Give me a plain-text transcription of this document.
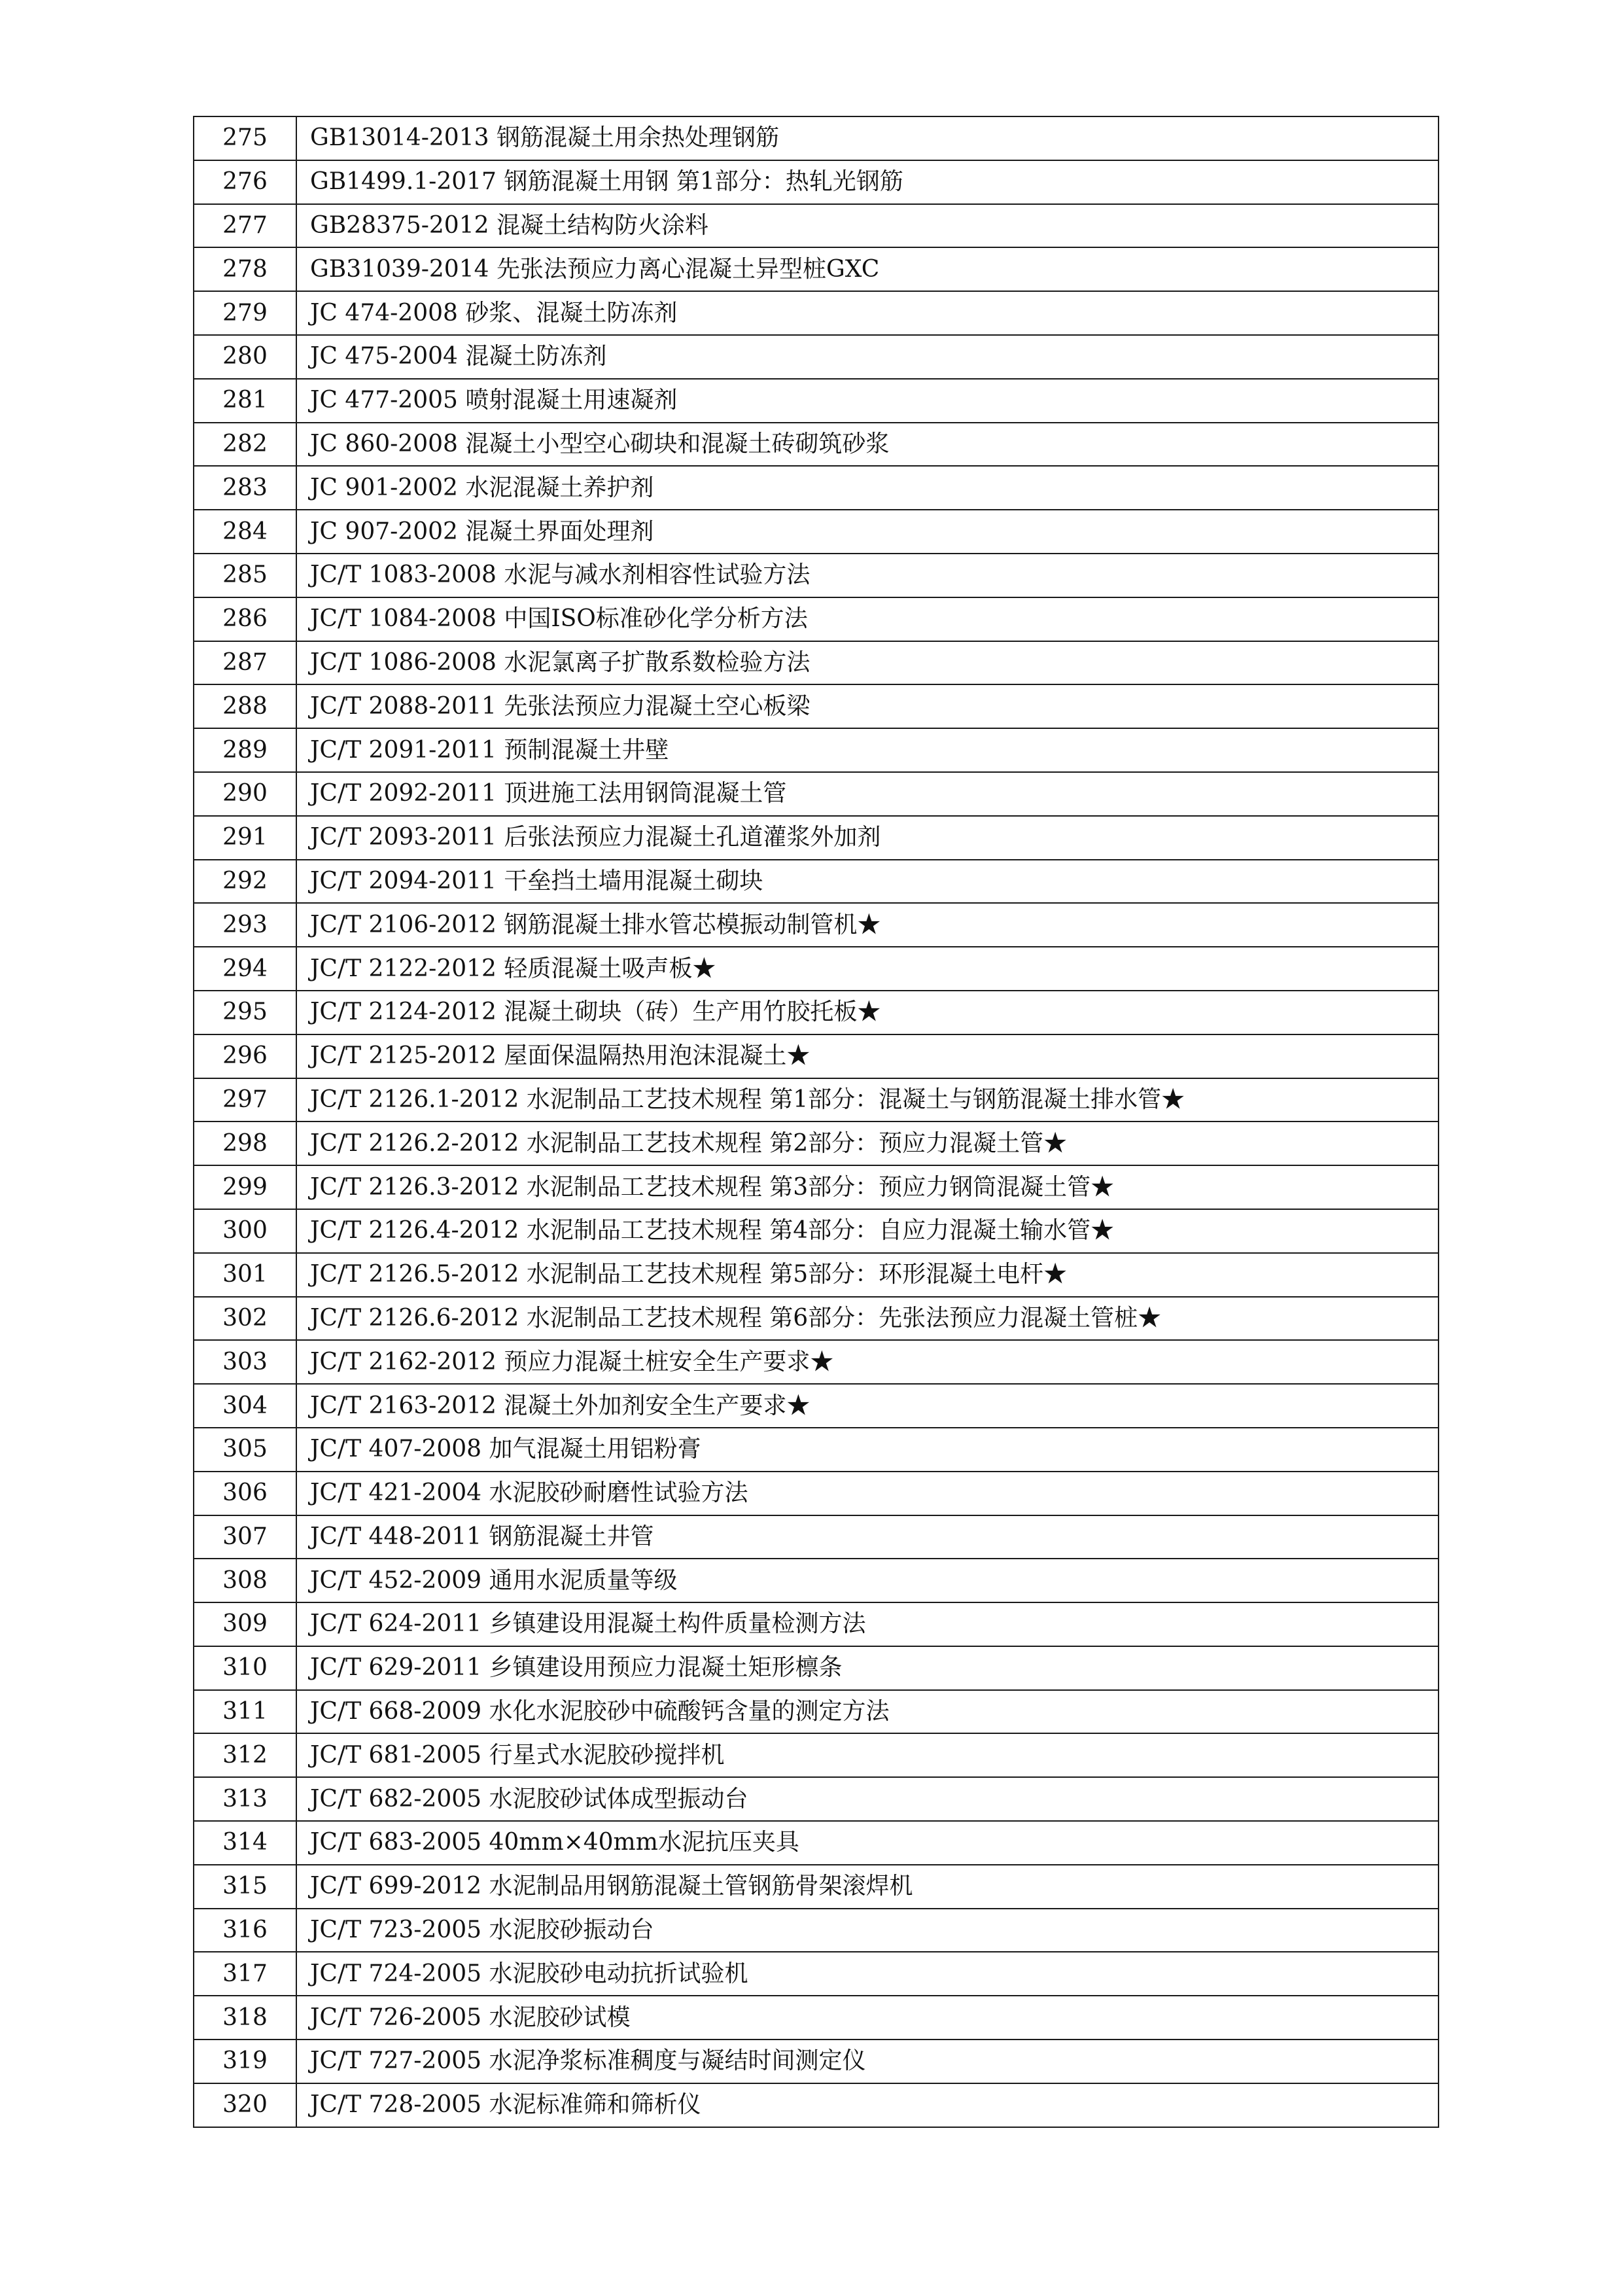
275	GB13014-2013 钢筋混凝土用余热处理钢筋
276	GB1499.1-2017 钢筋混凝土用钢 第1部分：热轧光钢筋
277	GB28375-2012 混凝土结构防火涂料
278	GB31039-2014 先张法预应力离心混凝土异型桩GXC
279	JC 474-2008 砂浆、混凝土防冻剂
280	JC 475-2004 混凝土防冻剂
281	JC 477-2005 喷射混凝土用速凝剂
282	JC 860-2008 混凝土小型空心砌块和混凝土砖砌筑砂浆
283	JC 901-2002 水泥混凝土养护剂
284	JC 907-2002 混凝土界面处理剂
285	JC/T 1083-2008 水泥与减水剂相容性试验方法
286	JC/T 1084-2008 中国ISO标准砂化学分析方法
287	JC/T 1086-2008 水泥氯离子扩散系数检验方法
288	JC/T 2088-2011 先张法预应力混凝土空心板梁
289	JC/T 2091-2011 预制混凝土井壁
290	JC/T 2092-2011 顶进施工法用钢筒混凝土管
291	JC/T 2093-2011 后张法预应力混凝土孔道灌浆外加剂
292	JC/T 2094-2011 干垒挡土墙用混凝土砌块
293	JC/T 2106-2012 钢筋混凝土排水管芯模振动制管机★
294	JC/T 2122-2012 轻质混凝土吸声板★
295	JC/T 2124-2012 混凝土砌块（砖）生产用竹胶托板★
296	JC/T 2125-2012 屋面保温隔热用泡沫混凝土★
297	JC/T 2126.1-2012 水泥制品工艺技术规程 第1部分：混凝土与钢筋混凝土排水管★
298	JC/T 2126.2-2012 水泥制品工艺技术规程 第2部分：预应力混凝土管★
299	JC/T 2126.3-2012 水泥制品工艺技术规程 第3部分：预应力钢筒混凝土管★
300	JC/T 2126.4-2012 水泥制品工艺技术规程 第4部分：自应力混凝土输水管★
301	JC/T 2126.5-2012 水泥制品工艺技术规程 第5部分：环形混凝土电杆★
302	JC/T 2126.6-2012 水泥制品工艺技术规程 第6部分：先张法预应力混凝土管桩★
303	JC/T 2162-2012 预应力混凝土桩安全生产要求★
304	JC/T 2163-2012 混凝土外加剂安全生产要求★
305	JC/T 407-2008 加气混凝土用铝粉膏
306	JC/T 421-2004 水泥胶砂耐磨性试验方法
307	JC/T 448-2011 钢筋混凝土井管
308	JC/T 452-2009 通用水泥质量等级
309	JC/T 624-2011 乡镇建设用混凝土构件质量检测方法
310	JC/T 629-2011 乡镇建设用预应力混凝土矩形檩条
311	JC/T 668-2009 水化水泥胶砂中硫酸钙含量的测定方法
312	JC/T 681-2005 行星式水泥胶砂搅拌机
313	JC/T 682-2005 水泥胶砂试体成型振动台
314	JC/T 683-2005 40mm×40mm水泥抗压夹具
315	JC/T 699-2012 水泥制品用钢筋混凝土管钢筋骨架滚焊机
316	JC/T 723-2005 水泥胶砂振动台
317	JC/T 724-2005 水泥胶砂电动抗折试验机
318	JC/T 726-2005 水泥胶砂试模
319	JC/T 727-2005 水泥净浆标准稠度与凝结时间测定仪
320	JC/T 728-2005 水泥标准筛和筛析仪
